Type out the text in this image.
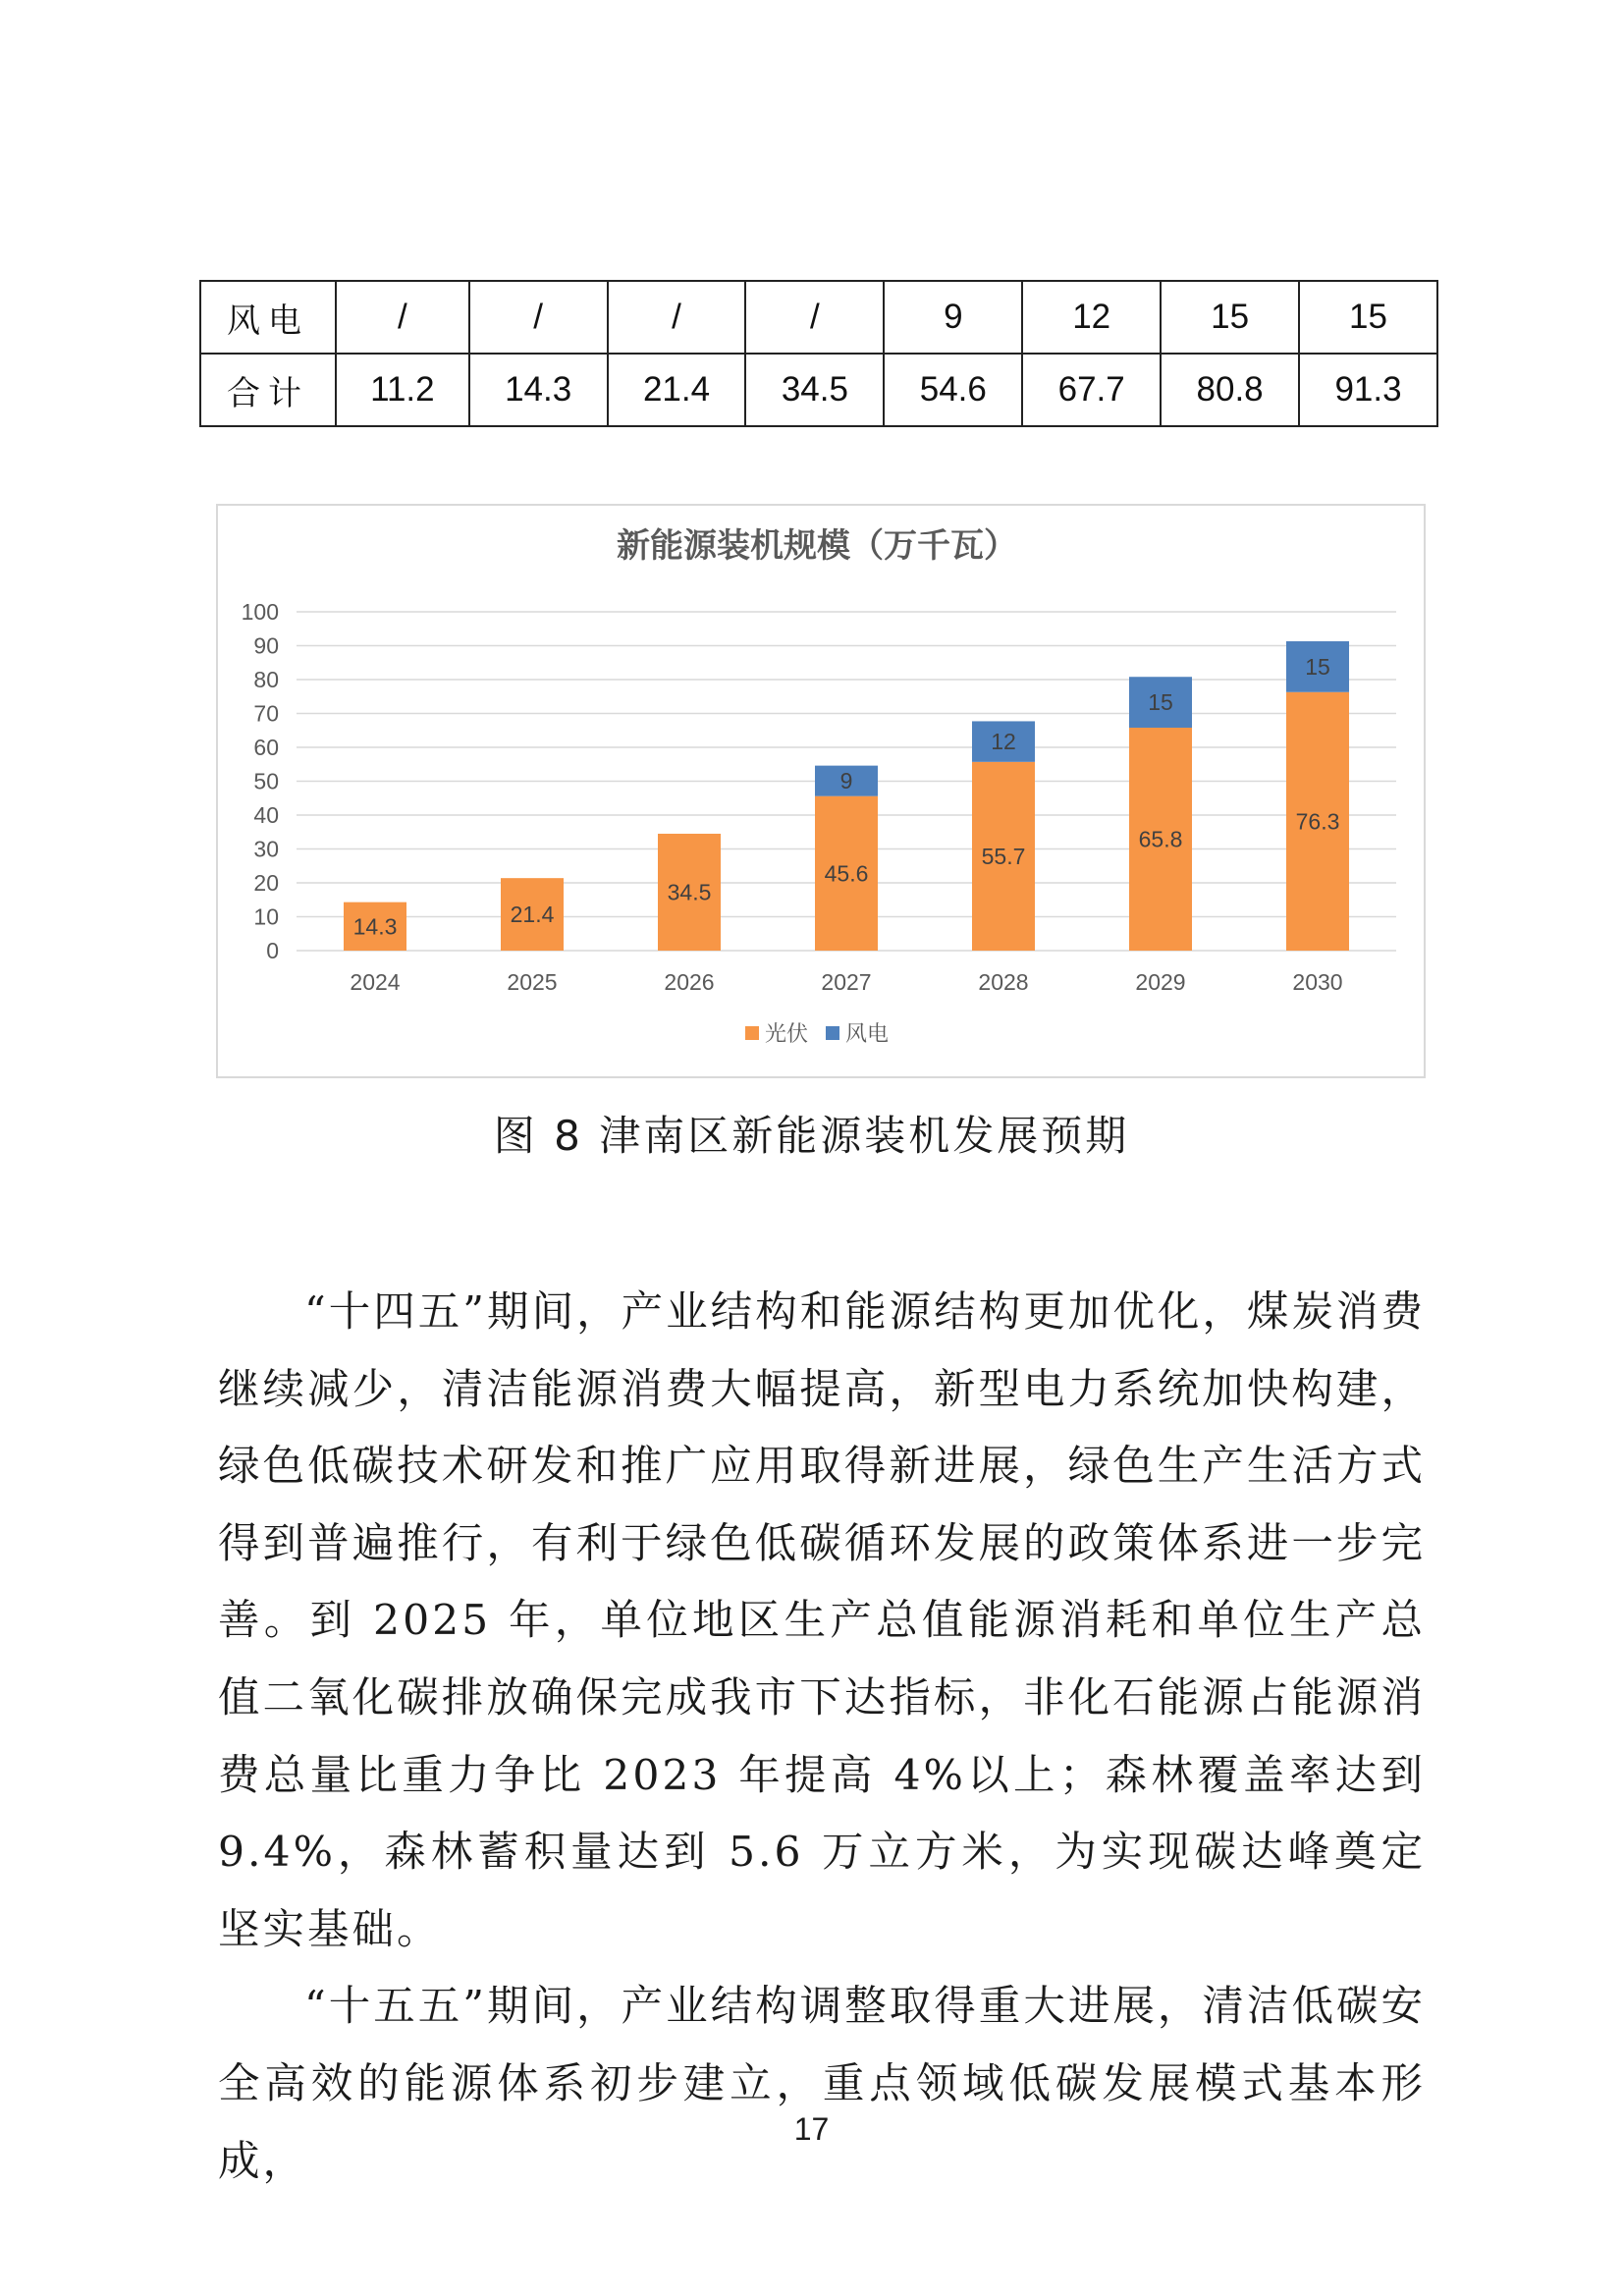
风电	/	/	/	/	9	12	15	15
合计	11.2	14.3	21.4	34.5	54.6	67.7	80.8	91.3
新能源装机规模（万千瓦）
0
10
20
30
40
50
60
70
80
90
100
14.3
2024
21.4
2025
34.5
2026
45.6
9
2027
55.7
12
2028
65.8
15
2029
76.3
15
2030
光伏 风电
图 8 津南区新能源装机发展预期

“十四五”期间，产业结构和能源结构更加优化，煤炭消费继续减少，清洁能源消费大幅提高，新型电力系统加快构建，绿色低碳技术研发和推广应用取得新进展，绿色生产生活方式得到普遍推行，有利于绿色低碳循环发展的政策体系进一步完善。到 2025 年，单位地区生产总值能源消耗和单位生产总值二氧化碳排放确保完成我市下达指标，非化石能源占能源消费总量比重力争比 2023 年提高 4%以上；森林覆盖率达到 9.4%，森林蓄积量达到 5.6 万立方米，为实现碳达峰奠定坚实基础。

“十五五”期间，产业结构调整取得重大进展，清洁低碳安全高效的能源体系初步建立，重点领域低碳发展模式基本形成，

17
